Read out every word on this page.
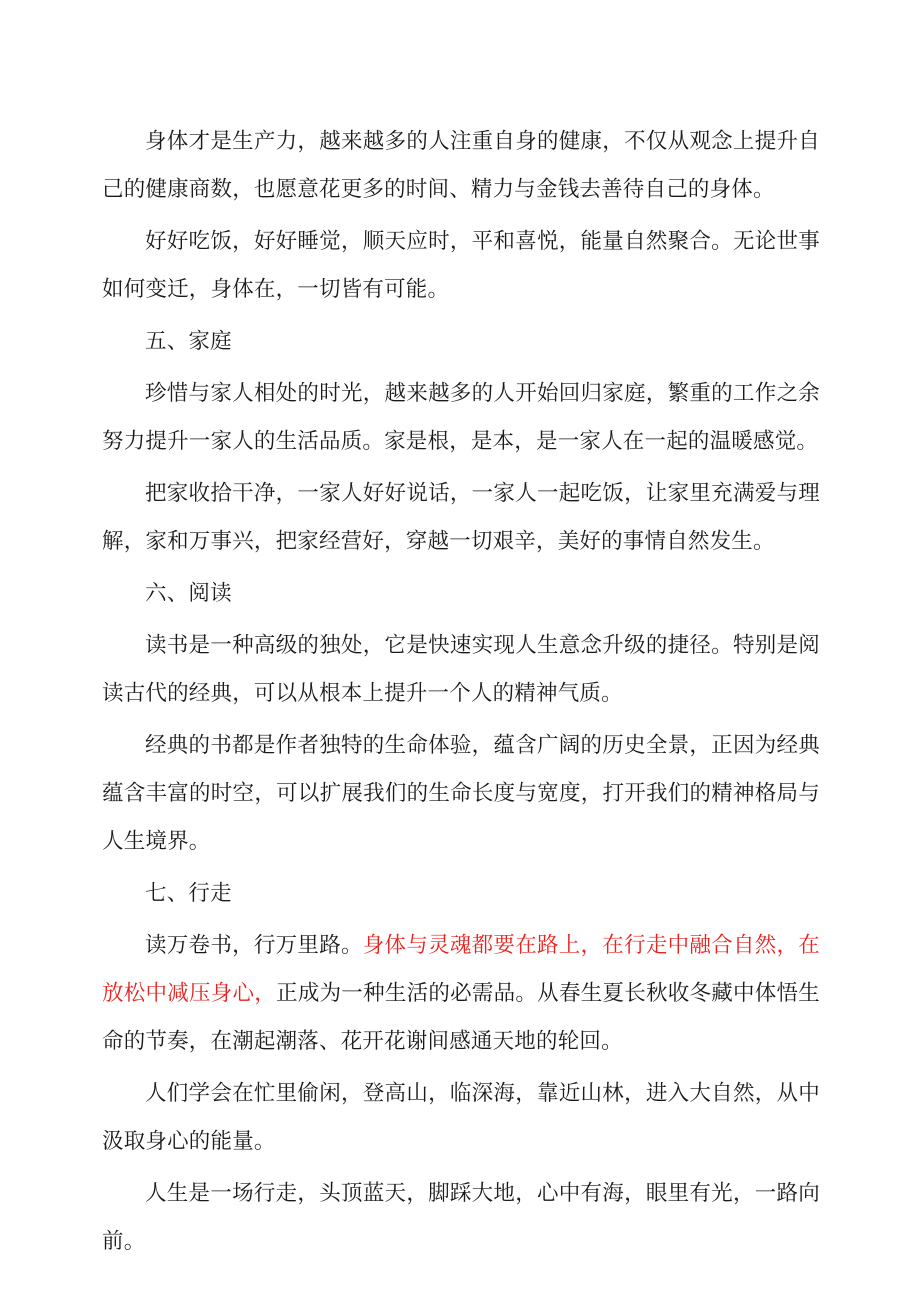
身体才是生产力，越来越多的人注重自身的健康，不仅从观念上提升自己的健康商数，也愿意花更多的时间、精力与金钱去善待自己的身体。

好好吃饭，好好睡觉，顺天应时，平和喜悦，能量自然聚合。无论世事如何变迁，身体在，一切皆有可能。

五、家庭

珍惜与家人相处的时光，越来越多的人开始回归家庭，繁重的工作之余努力提升一家人的生活品质。家是根，是本，是一家人在一起的温暖感觉。

把家收拾干净，一家人好好说话，一家人一起吃饭，让家里充满爱与理解，家和万事兴，把家经营好，穿越一切艰辛，美好的事情自然发生。

六、阅读

读书是一种高级的独处，它是快速实现人生意念升级的捷径。特别是阅读古代的经典，可以从根本上提升一个人的精神气质。

经典的书都是作者独特的生命体验，蕴含广阔的历史全景，正因为经典蕴含丰富的时空，可以扩展我们的生命长度与宽度，打开我们的精神格局与人生境界。

七、行走

读万卷书，行万里路。身体与灵魂都要在路上，在行走中融合自然，在放松中减压身心，正成为一种生活的必需品。从春生夏长秋收冬藏中体悟生命的节奏，在潮起潮落、花开花谢间感通天地的轮回。

人们学会在忙里偷闲，登高山，临深海，靠近山林，进入大自然，从中汲取身心的能量。

人生是一场行走，头顶蓝天，脚踩大地，心中有海，眼里有光，一路向前。
